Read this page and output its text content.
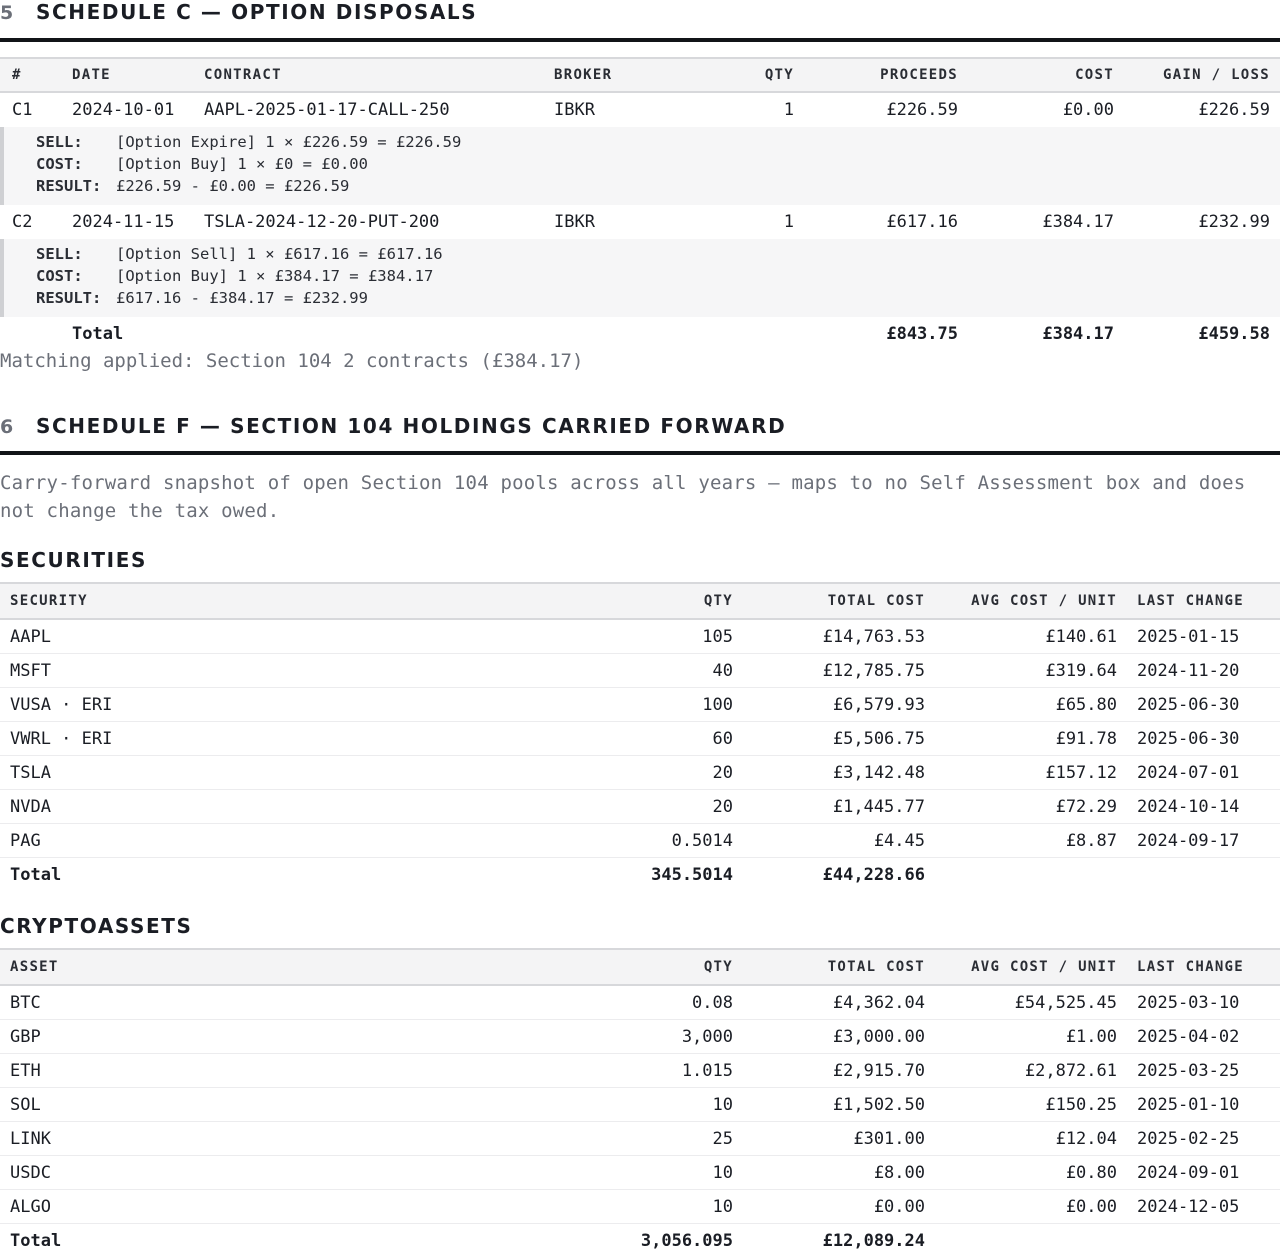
5	SCHEDULE C — OPTION DISPOSALS
#	DATE	CONTRACT	BROKER	QTY	PROCEEDS	COST	GAIN / LOSS
C1	2024-10-01	AAPL-2025-01-17-CALL-250	IBKR	1	£226.59	£0.00	£226.59

SELL: [Option Expire] 1 × £226.59 = £226.59
COST: [Option Buy] 1 × £0 = £0.00
RESULT: £226.59 - £0.00 = £226.59							

C2	2024-11-15	TSLA-2024-12-20-PUT-200	IBKR	1	£617.16	£384.17	£232.99

SELL: [Option Sell] 1 × £617.16 = £617.16
COST: [Option Buy] 1 × £384.17 = £384.17
RESULT: £617.16 - £384.17 = £232.99							

	Total				£843.75	£384.17	£459.58
Matching applied: Section 104 2 contracts (£384.17)
6	SCHEDULE F — SECTION 104 HOLDINGS CARRIED FORWARD
Carry-forward snapshot of open Section 104 pools across all years — maps to no Self Assessment box and does not change the tax owed.
SECURITIES
SECURITY	QTY	TOTAL COST	AVG COST / UNIT	LAST CHANGE
AAPL	105	£14,763.53	£140.61	2025-01-15
MSFT	40	£12,785.75	£319.64	2024-11-20
VUSA · ERI	100	£6,579.93	£65.80	2025-06-30
VWRL · ERI	60	£5,506.75	£91.78	2025-06-30
TSLA	20	£3,142.48	£157.12	2024-07-01
NVDA	20	£1,445.77	£72.29	2024-10-14
PAG	0.5014	£4.45	£8.87	2024-09-17
Total	345.5014	£44,228.66		
CRYPTOASSETS
ASSET	QTY	TOTAL COST	AVG COST / UNIT	LAST CHANGE
BTC	0.08	£4,362.04	£54,525.45	2025-03-10
GBP	3,000	£3,000.00	£1.00	2025-04-02
ETH	1.015	£2,915.70	£2,872.61	2025-03-25
SOL	10	£1,502.50	£150.25	2025-01-10
LINK	25	£301.00	£12.04	2025-02-25
USDC	10	£8.00	£0.80	2024-09-01
ALGO	10	£0.00	£0.00	2024-12-05
Total	3,056.095	£12,089.24		
